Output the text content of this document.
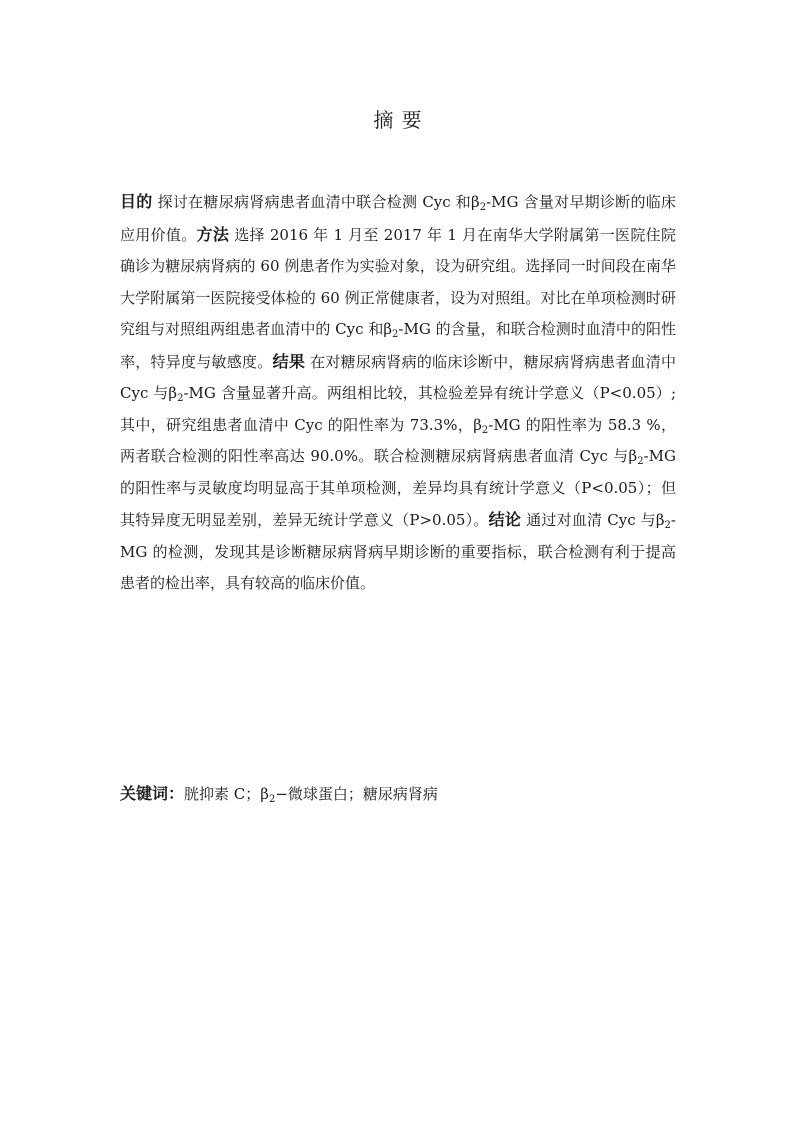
摘 要
目的 探讨在糖尿病肾病患者血清中联合检测 Cyc 和$\beta_2-MG$ 含量对早期诊断的临床应用价值。方法 选择 2016 年 1 月至 2017 年 1 月在南华大学附属第一医院住院确诊为糖尿病肾病的 60 例患者作为实验对象，设为研究组。选择同一时间段在南华大学附属第一医院接受体检的 60 例正常健康者，设为对照组。对比在单项检测时研究组与对照组两组患者血清中的 Cyc 和$\beta_2-MG$ 的含量，和联合检测时血清中的阳性率，特异度与敏感度。结果 在对糖尿病肾病的临床诊断中，糖尿病肾病患者血清中 Cyc 与$\beta_2-MG$ 含量显著升高。两组相比较，其检验差异有统计学意义（P<0.05）;其中，研究组患者血清中 Cyc 的阳性率为 73.3%，$\beta_2-MG$ 的阳性率为 58.3 %，两者联合检测的阳性率高达 90.0%。联合检测糖尿病肾病患者血清 Cyc 与$\beta_2-MG$ 的阳性率与灵敏度均明显高于其单项检测，差异均具有统计学意义（P<0.05）；但其特异度无明显差别，差异无统计学意义（P>0.05）。结论 通过对血清 Cyc 与$\beta_2-MG$ 的检测，发现其是诊断糖尿病肾病早期诊断的重要指标，联合检测有利于提高患者的检出率，具有较高的临床价值。
关键词：胱抑素 C；$\beta_2-$微球蛋白；糖尿病肾病
